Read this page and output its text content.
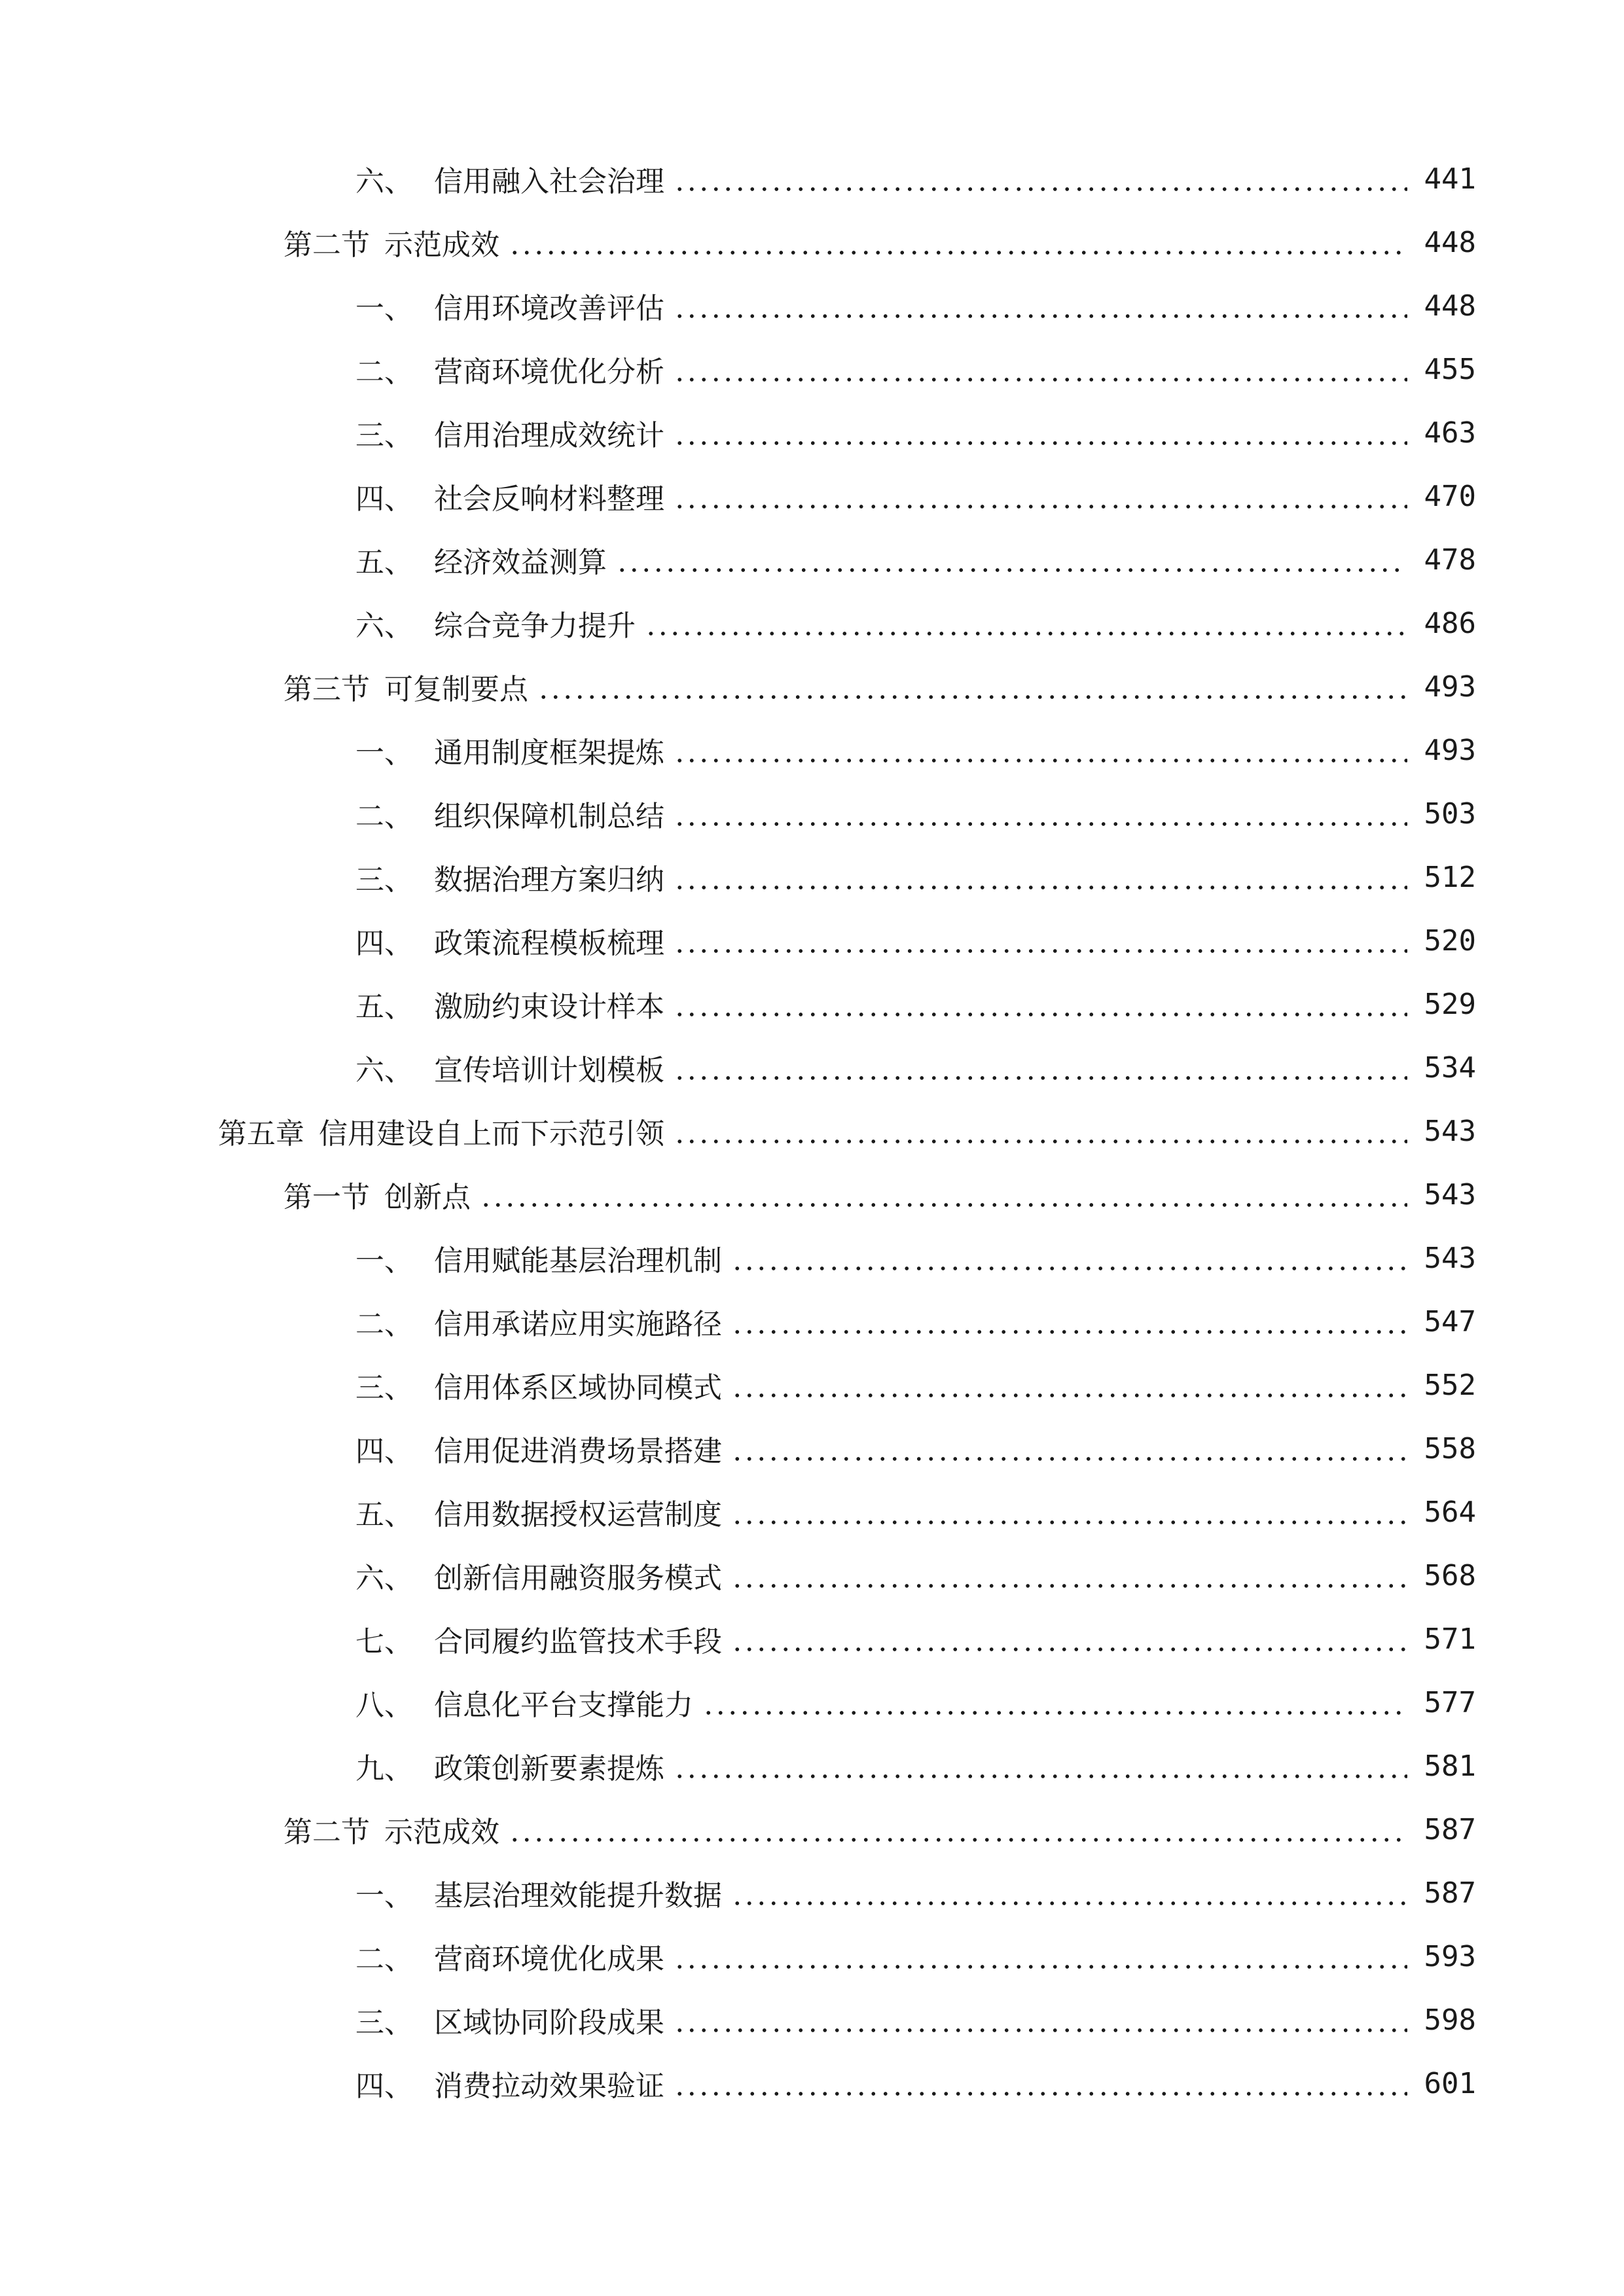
六、 信用融入社会治理	441
第二节 示范成效	448
一、 信用环境改善评估	448
二、 营商环境优化分析	455
三、 信用治理成效统计	463
四、 社会反响材料整理	470
五、 经济效益测算	478
六、 综合竞争力提升	486
第三节 可复制要点	493
一、 通用制度框架提炼	493
二、 组织保障机制总结	503
三、 数据治理方案归纳	512
四、 政策流程模板梳理	520
五、 激励约束设计样本	529
六、 宣传培训计划模板	534
第五章 信用建设自上而下示范引领	543
第一节 创新点	543
一、 信用赋能基层治理机制	543
二、 信用承诺应用实施路径	547
三、 信用体系区域协同模式	552
四、 信用促进消费场景搭建	558
五、 信用数据授权运营制度	564
六、 创新信用融资服务模式	568
七、 合同履约监管技术手段	571
八、 信息化平台支撑能力	577
九、 政策创新要素提炼	581
第二节 示范成效	587
一、 基层治理效能提升数据	587
二、 营商环境优化成果	593
三、 区域协同阶段成果	598
四、 消费拉动效果验证	601
